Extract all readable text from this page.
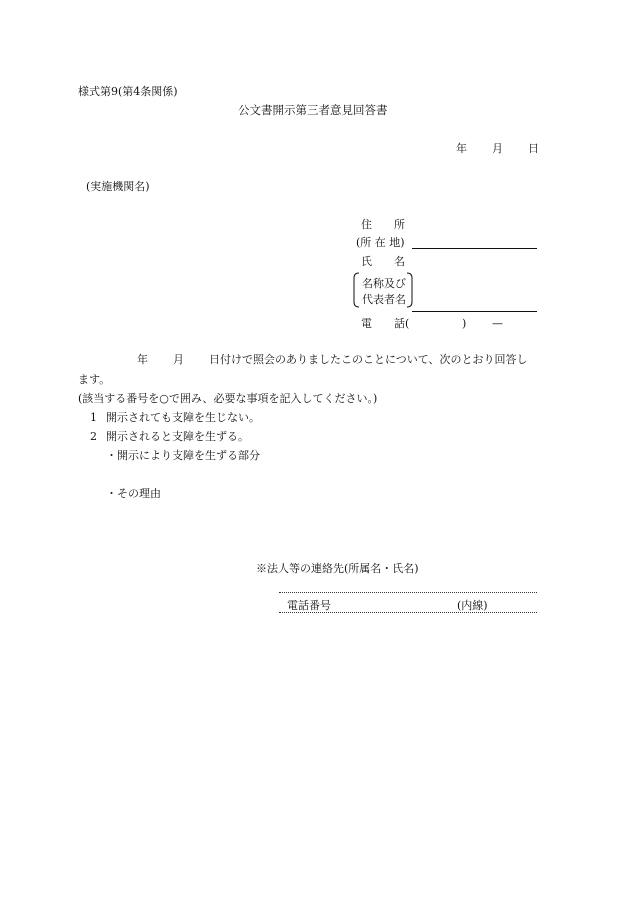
様式第9(第4条関係)
公文書開示第三者意見回答書
年 月 日
(実施機関名)
住　　所
(所 在 地)
氏　　名
名称及び
代表者名
電　　話(	) —
年 月 日付けで照会のありましたこのことについて、次のとおり回答し
ます。
(該当する番号を○で囲み、必要な事項を記入してください。)
1 開示されても支障を生じない。
2 開示されると支障を生ずる。
・開示により支障を生ずる部分
・その理由
※法人等の連絡先(所属名・氏名)
電話番号	(内線)
